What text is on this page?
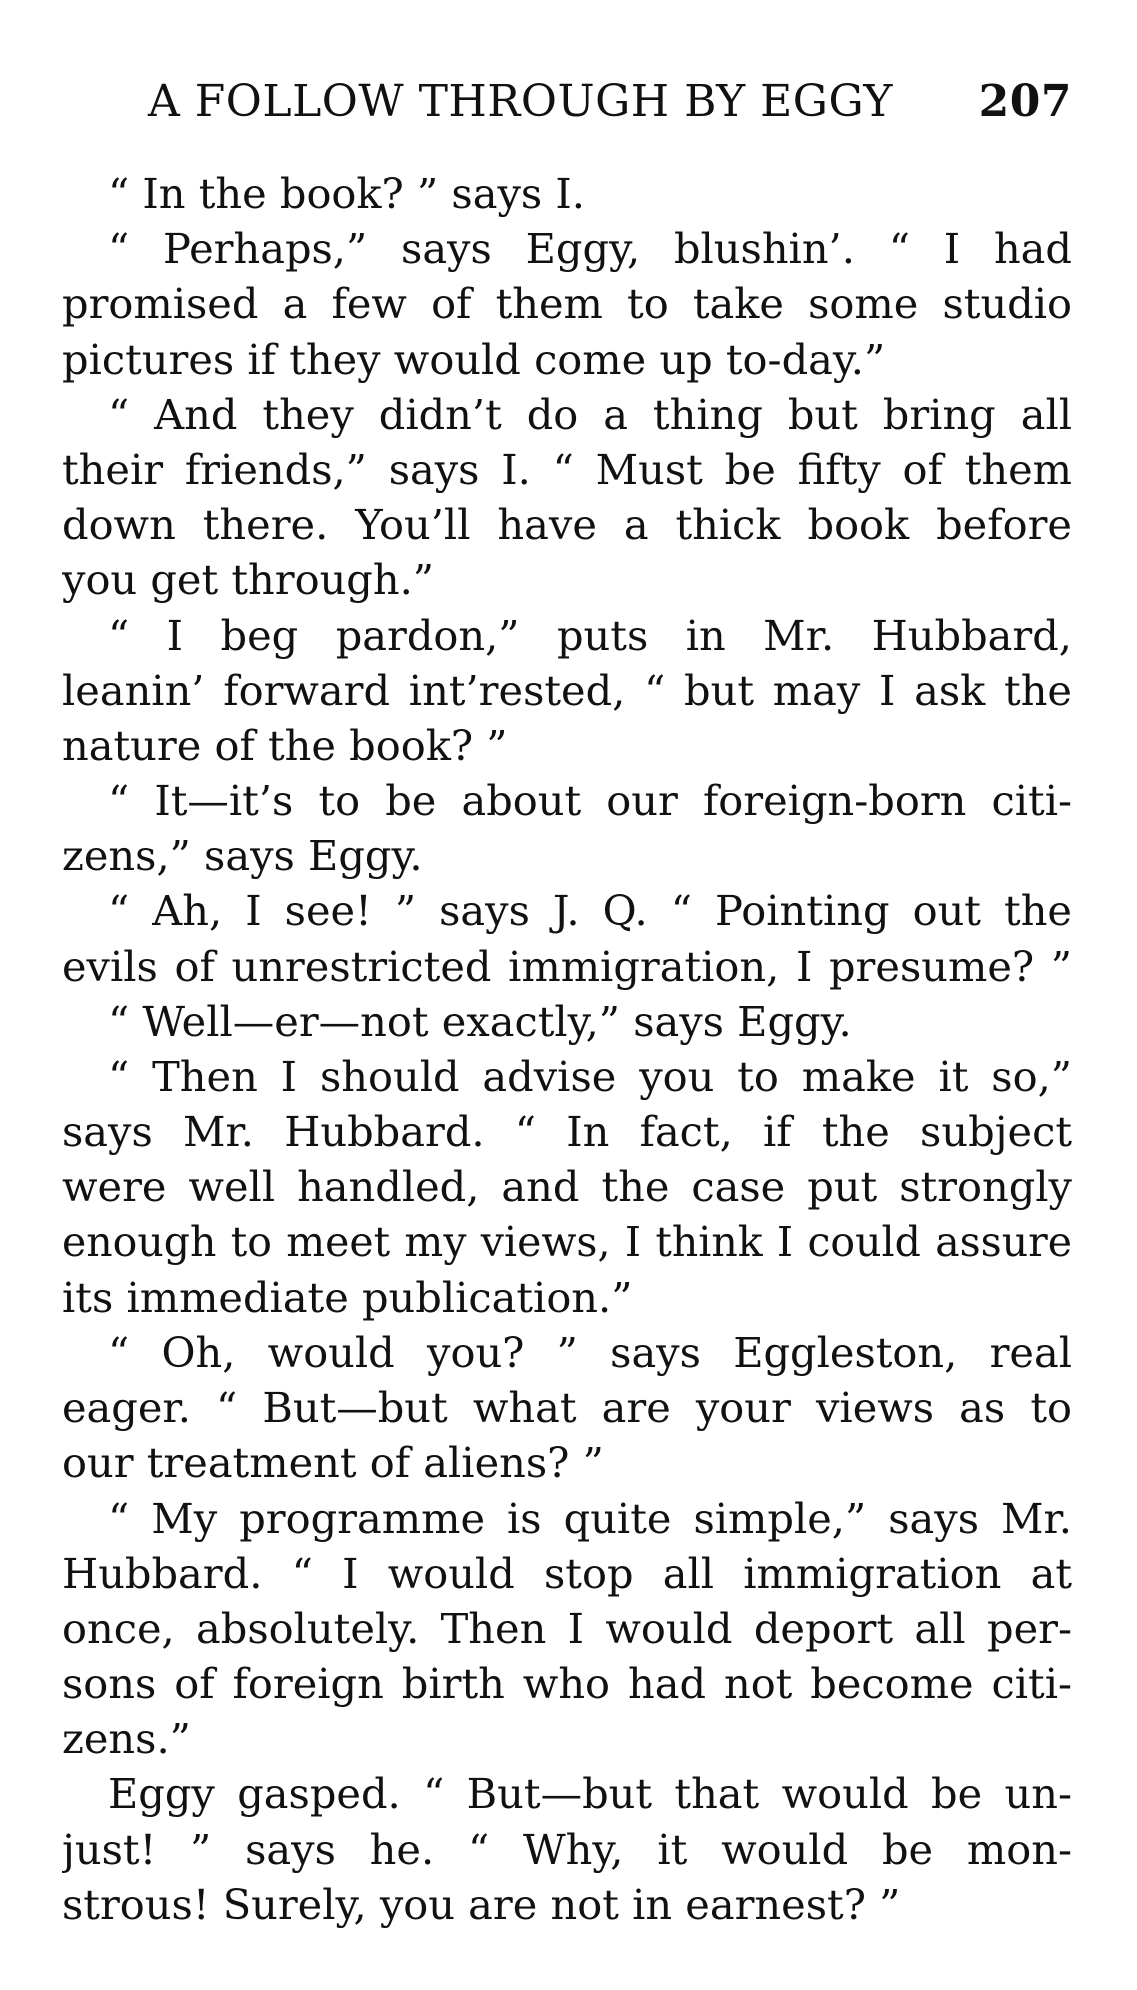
A FOLLOW THROUGH BY EGGY 207
“ In the book? ” says I.
“ Perhaps,” says Eggy, blushin’. “ I had
promised a few of them to take some studio
pictures if they would come up to-day.”
“ And they didn’t do a thing but bring all
their friends,” says I. “ Must be fifty of them
down there. You’ll have a thick book before
you get through.”
“ I beg pardon,” puts in Mr. Hubbard,
leanin’ forward int’rested, “ but may I ask the
nature of the book? ”
“ It—it’s to be about our foreign-born citi-
zens,” says Eggy.
“ Ah, I see! ” says J. Q. “ Pointing out the
evils of unrestricted immigration, I presume? ”
“ Well—er—not exactly,” says Eggy.
“ Then I should advise you to make it so,”
says Mr. Hubbard. “ In fact, if the subject
were well handled, and the case put strongly
enough to meet my views, I think I could assure
its immediate publication.”
“ Oh, would you? ” says Eggleston, real
eager. “ But—but what are your views as to
our treatment of aliens? ”
“ My programme is quite simple,” says Mr.
Hubbard. “ I would stop all immigration at
once, absolutely. Then I would deport all per-
sons of foreign birth who had not become citi-
zens.”
Eggy gasped. “ But—but that would be un-
just! ” says he. “ Why, it would be mon-
strous! Surely, you are not in earnest? ”
